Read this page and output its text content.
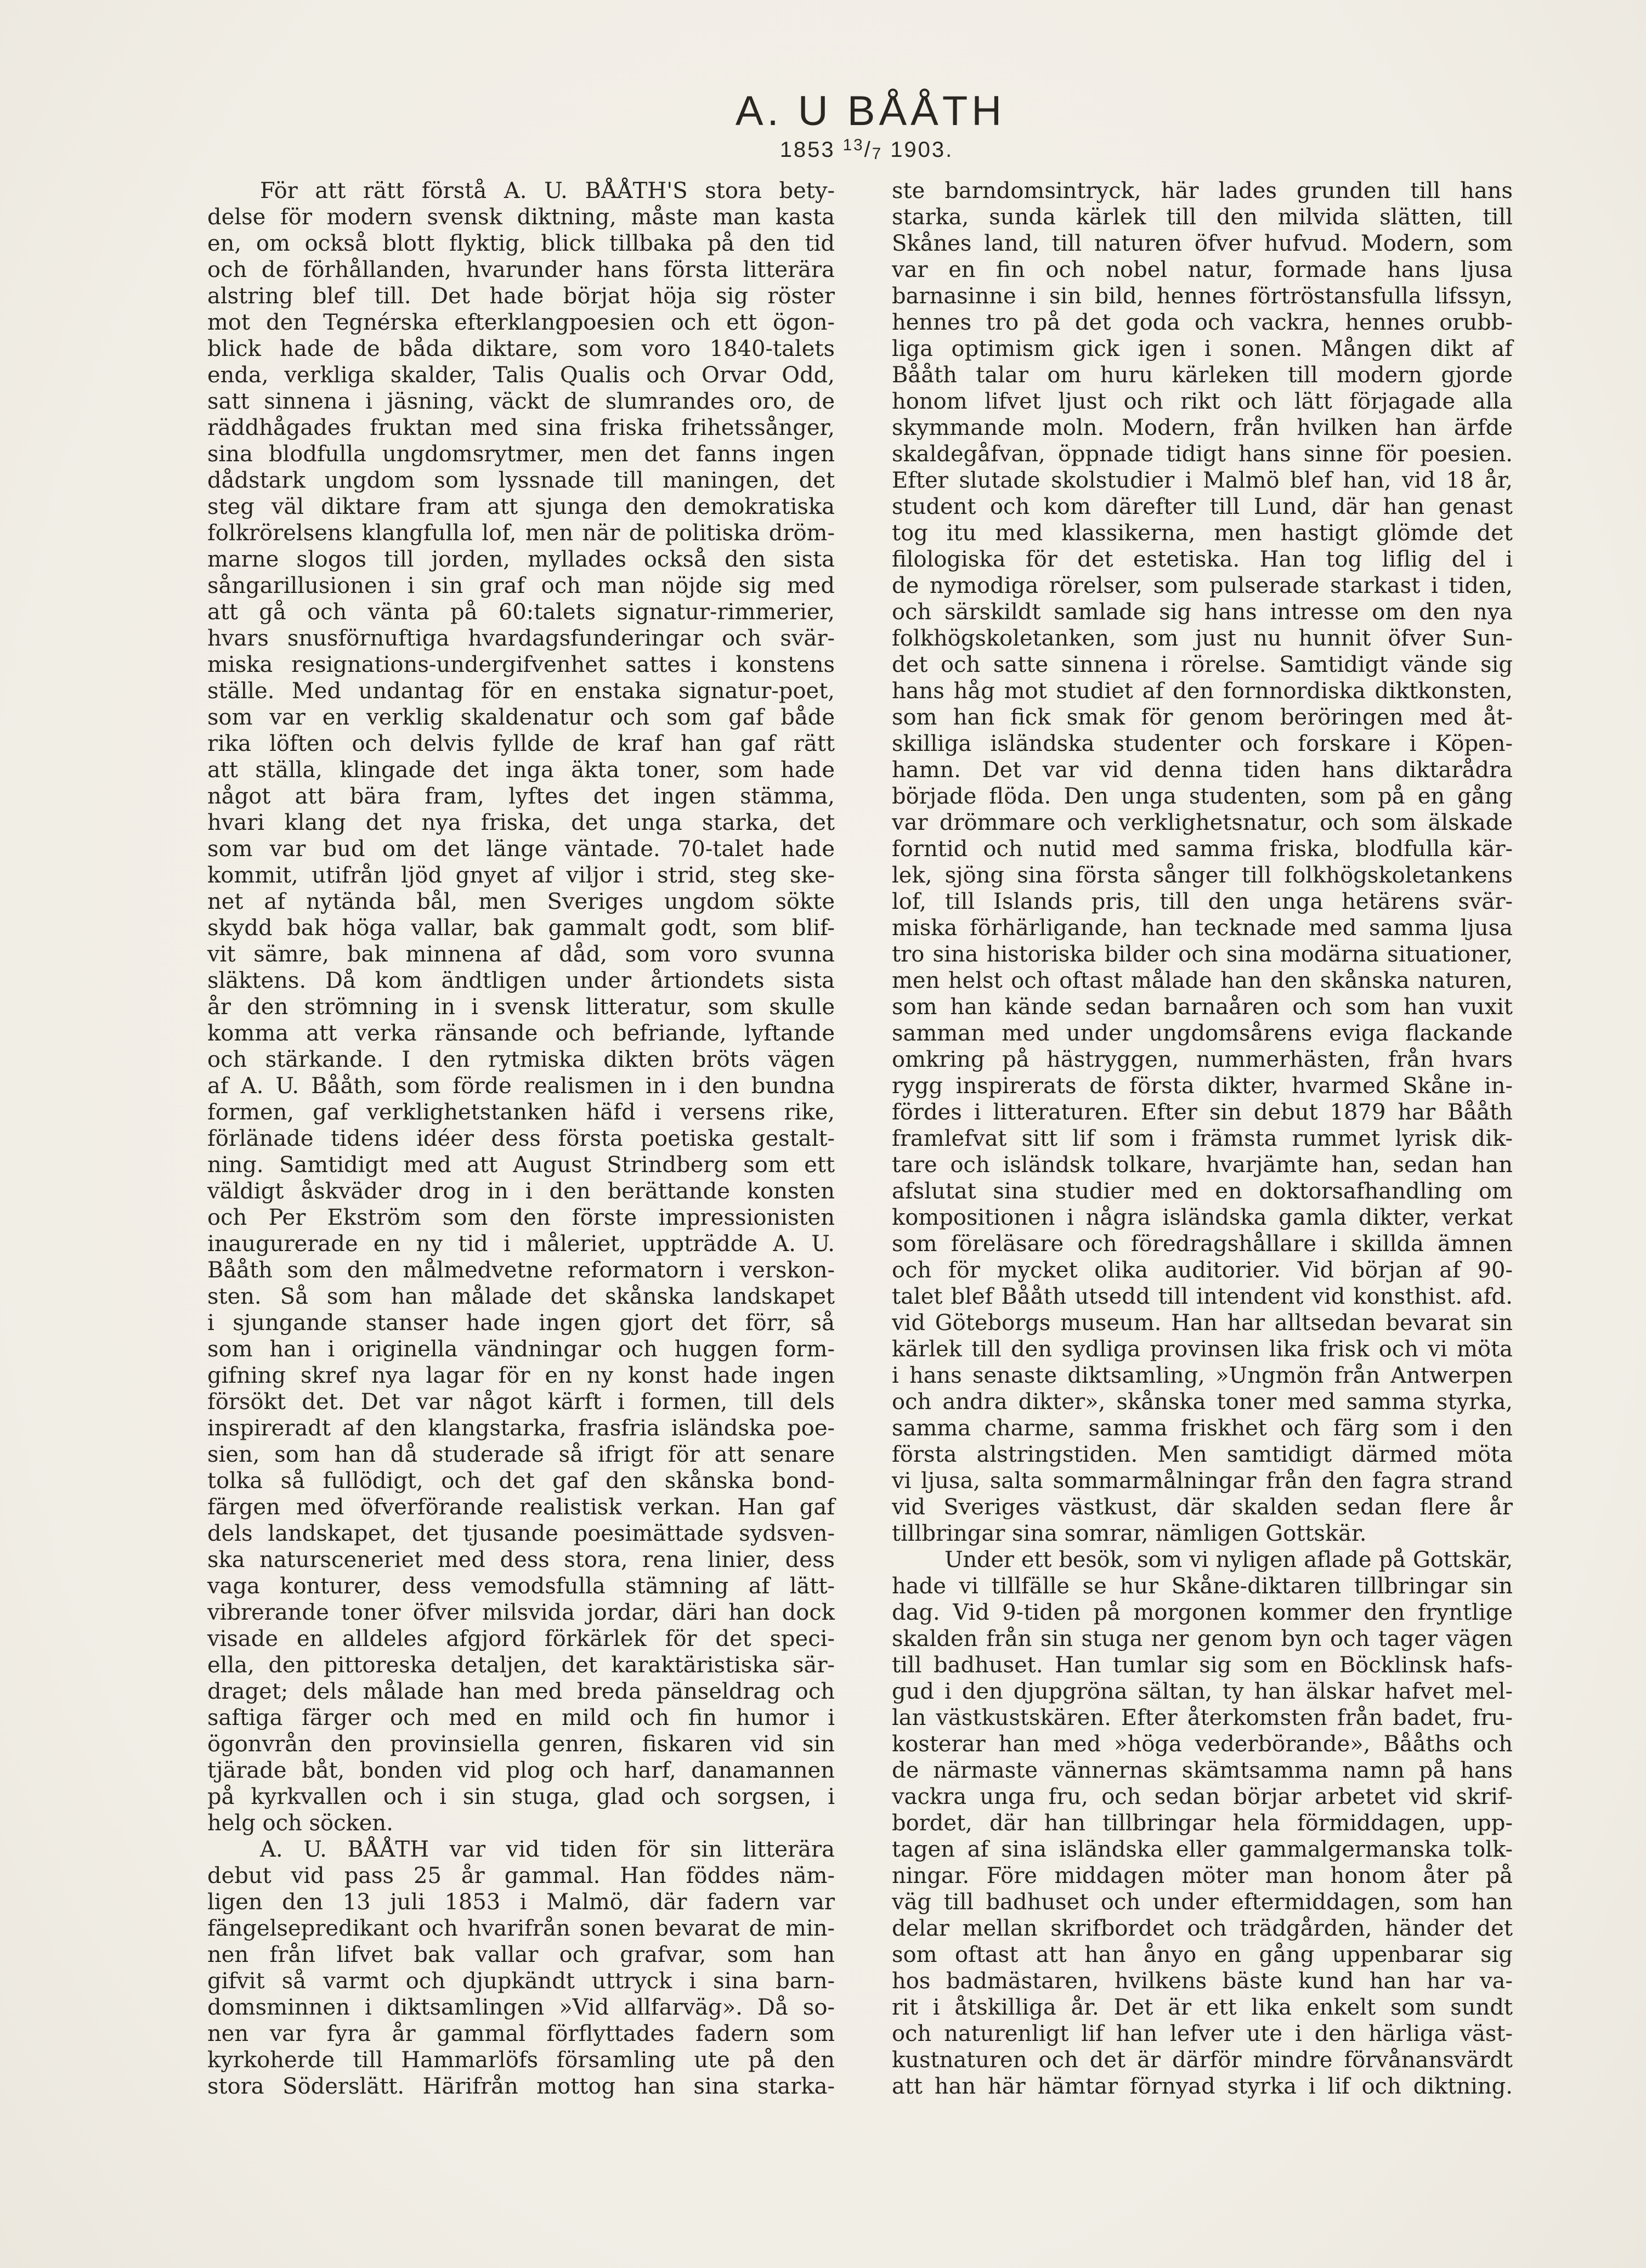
A. U BÅÅTH
1853 $^{13}/_7$ 1903.
För att rätt förstå A. U. BÅÅTH'S stora bety-
delse för modern svensk diktning, måste man kasta
en, om också blott flyktig, blick tillbaka på den tid
och de förhållanden, hvarunder hans första litterära
alstring blef till. Det hade börjat höja sig röster
mot den Tegnérska efterklangpoesien och ett ögon-
blick hade de båda diktare, som voro 1840-talets
enda, verkliga skalder, Talis Qualis och Orvar Odd,
satt sinnena i jäsning, väckt de slumrandes oro, de
räddhågades fruktan med sina friska frihetssånger,
sina blodfulla ungdomsrytmer, men det fanns ingen
dådstark ungdom som lyssnade till maningen, det
steg väl diktare fram att sjunga den demokratiska
folkrörelsens klangfulla lof, men när de politiska dröm-
marne slogos till jorden, myllades också den sista
sångarillusionen i sin graf och man nöjde sig med
att gå och vänta på 60:talets signatur-rimmerier,
hvars snusförnuftiga hvardagsfunderingar och svär-
miska resignations-undergifvenhet sattes i konstens
ställe. Med undantag för en enstaka signatur-poet,
som var en verklig skaldenatur och som gaf både
rika löften och delvis fyllde de kraf han gaf rätt
att ställa, klingade det inga äkta toner, som hade
något att bära fram, lyftes det ingen stämma,
hvari klang det nya friska, det unga starka, det
som var bud om det länge väntade. 70-talet hade
kommit, utifrån ljöd gnyet af viljor i strid, steg ske-
net af nytända bål, men Sveriges ungdom sökte
skydd bak höga vallar, bak gammalt godt, som blif-
vit sämre, bak minnena af dåd, som voro svunna
släktens. Då kom ändtligen under årtiondets sista
år den strömning in i svensk litteratur, som skulle
komma att verka ränsande och befriande, lyftande
och stärkande. I den rytmiska dikten bröts vägen
af A. U. Bååth, som förde realismen in i den bundna
formen, gaf verklighetstanken häfd i versens rike,
förlänade tidens idéer dess första poetiska gestalt-
ning. Samtidigt med att August Strindberg som ett
väldigt åskväder drog in i den berättande konsten
och Per Ekström som den förste impressionisten
inaugurerade en ny tid i måleriet, uppträdde A. U.
Bååth som den målmedvetne reformatorn i verskon-
sten. Så som han målade det skånska landskapet
i sjungande stanser hade ingen gjort det förr, så
som han i originella vändningar och huggen form-
gifning skref nya lagar för en ny konst hade ingen
försökt det. Det var något kärft i formen, till dels
inspireradt af den klangstarka, frasfria isländska poe-
sien, som han då studerade så ifrigt för att senare
tolka så fullödigt, och det gaf den skånska bond-
färgen med öfverförande realistisk verkan. Han gaf
dels landskapet, det tjusande poesimättade sydsven-
ska natursceneriet med dess stora, rena linier, dess
vaga konturer, dess vemodsfulla stämning af lätt-
vibrerande toner öfver milsvida jordar, däri han dock
visade en alldeles afgjord förkärlek för det speci-
ella, den pittoreska detaljen, det karaktäristiska sär-
draget; dels målade han med breda pänseldrag och
saftiga färger och med en mild och fin humor i
ögonvrån den provinsiella genren, fiskaren vid sin
tjärade båt, bonden vid plog och harf, danamannen
på kyrkvallen och i sin stuga, glad och sorgsen, i
helg och söcken.
A. U. BÅÅTH var vid tiden för sin litterära
debut vid pass 25 år gammal. Han föddes näm-
ligen den 13 juli 1853 i Malmö, där fadern var
fängelsepredikant och hvarifrån sonen bevarat de min-
nen från lifvet bak vallar och grafvar, som han
gifvit så varmt och djupkändt uttryck i sina barn-
domsminnen i diktsamlingen »Vid allfarväg». Då so-
nen var fyra år gammal förflyttades fadern som
kyrkoherde till Hammarlöfs församling ute på den
stora Söderslätt. Härifrån mottog han sina starka-
ste barndomsintryck, här lades grunden till hans
starka, sunda kärlek till den milvida slätten, till
Skånes land, till naturen öfver hufvud. Modern, som
var en fin och nobel natur, formade hans ljusa
barnasinne i sin bild, hennes förtröstansfulla lifssyn,
hennes tro på det goda och vackra, hennes orubb-
liga optimism gick igen i sonen. Mången dikt af
Bååth talar om huru kärleken till modern gjorde
honom lifvet ljust och rikt och lätt förjagade alla
skymmande moln. Modern, från hvilken han ärfde
skaldegåfvan, öppnade tidigt hans sinne för poesien.
Efter slutade skolstudier i Malmö blef han, vid 18 år,
student och kom därefter till Lund, där han genast
tog itu med klassikerna, men hastigt glömde det
filologiska för det estetiska. Han tog liflig del i
de nymodiga rörelser, som pulserade starkast i tiden,
och särskildt samlade sig hans intresse om den nya
folkhögskoletanken, som just nu hunnit öfver Sun-
det och satte sinnena i rörelse. Samtidigt vände sig
hans håg mot studiet af den fornnordiska diktkonsten,
som han fick smak för genom beröringen med åt-
skilliga isländska studenter och forskare i Köpen-
hamn. Det var vid denna tiden hans diktarådra
började flöda. Den unga studenten, som på en gång
var drömmare och verklighetsnatur, och som älskade
forntid och nutid med samma friska, blodfulla kär-
lek, sjöng sina första sånger till folkhögskoletankens
lof, till Islands pris, till den unga hetärens svär-
miska förhärligande, han tecknade med samma ljusa
tro sina historiska bilder och sina modärna situationer,
men helst och oftast målade han den skånska naturen,
som han kände sedan barnaåren och som han vuxit
samman med under ungdomsårens eviga flackande
omkring på hästryggen, nummerhästen, från hvars
rygg inspirerats de första dikter, hvarmed Skåne in-
fördes i litteraturen. Efter sin debut 1879 har Bååth
framlefvat sitt lif som i främsta rummet lyrisk dik-
tare och isländsk tolkare, hvarjämte han, sedan han
afslutat sina studier med en doktorsafhandling om
kompositionen i några isländska gamla dikter, verkat
som föreläsare och föredragshållare i skillda ämnen
och för mycket olika auditorier. Vid början af 90-
talet blef Bååth utsedd till intendent vid konsthist. afd.
vid Göteborgs museum. Han har alltsedan bevarat sin
kärlek till den sydliga provinsen lika frisk och vi möta
i hans senaste diktsamling, »Ungmön från Antwerpen
och andra dikter», skånska toner med samma styrka,
samma charme, samma friskhet och färg som i den
första alstringstiden. Men samtidigt därmed möta
vi ljusa, salta sommarmålningar från den fagra strand
vid Sveriges västkust, där skalden sedan flere år
tillbringar sina somrar, nämligen Gottskär.
Under ett besök, som vi nyligen aflade på Gottskär,
hade vi tillfälle se hur Skåne-diktaren tillbringar sin
dag. Vid 9-tiden på morgonen kommer den fryntlige
skalden från sin stuga ner genom byn och tager vägen
till badhuset. Han tumlar sig som en Böcklinsk hafs-
gud i den djupgröna sältan, ty han älskar hafvet mel-
lan västkustskären. Efter återkomsten från badet, fru-
kosterar han med »höga vederbörande», Bååths och
de närmaste vännernas skämtsamma namn på hans
vackra unga fru, och sedan börjar arbetet vid skrif-
bordet, där han tillbringar hela förmiddagen, upp-
tagen af sina isländska eller gammalgermanska tolk-
ningar. Före middagen möter man honom åter på
väg till badhuset och under eftermiddagen, som han
delar mellan skrifbordet och trädgården, händer det
som oftast att han ånyo en gång uppenbarar sig
hos badmästaren, hvilkens bäste kund han har va-
rit i åtskilliga år. Det är ett lika enkelt som sundt
och naturenligt lif han lefver ute i den härliga väst-
kustnaturen och det är därför mindre förvånansvärdt
att han här hämtar förnyad styrka i lif och diktning.
